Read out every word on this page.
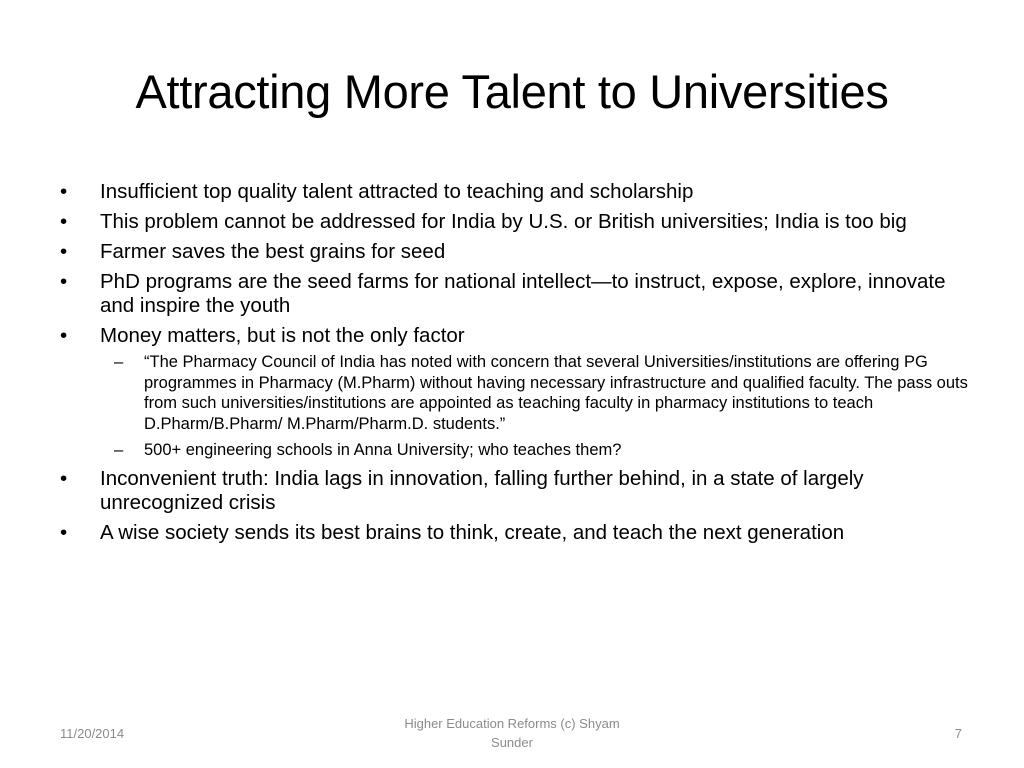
Attracting More Talent to Universities
• Insufficient top quality talent attracted to teaching and scholarship
• This problem cannot be addressed for India by U.S. or British universities; India is too big
• Farmer saves the best grains for seed
• PhD programs are the seed farms for national intellect—to instruct, expose, explore, innovate and inspire the youth
• Money matters, but is not the only factor
– “The Pharmacy Council of India has noted with concern that several Universities/institutions are offering PG programmes in Pharmacy (M.Pharm) without having necessary infrastructure and qualified faculty. The pass outs from such universities/institutions are appointed as teaching faculty in pharmacy institutions to teach D.Pharm/B.Pharm/ M.Pharm/Pharm.D. students.”
– 500+ engineering schools in Anna University; who teaches them?
• Inconvenient truth: India lags in innovation, falling further behind, in a state of largely unrecognized crisis
• A wise society sends its best brains to think, create, and teach the next generation
11/20/2014
Higher Education Reforms (c) Shyam
Sunder
7
